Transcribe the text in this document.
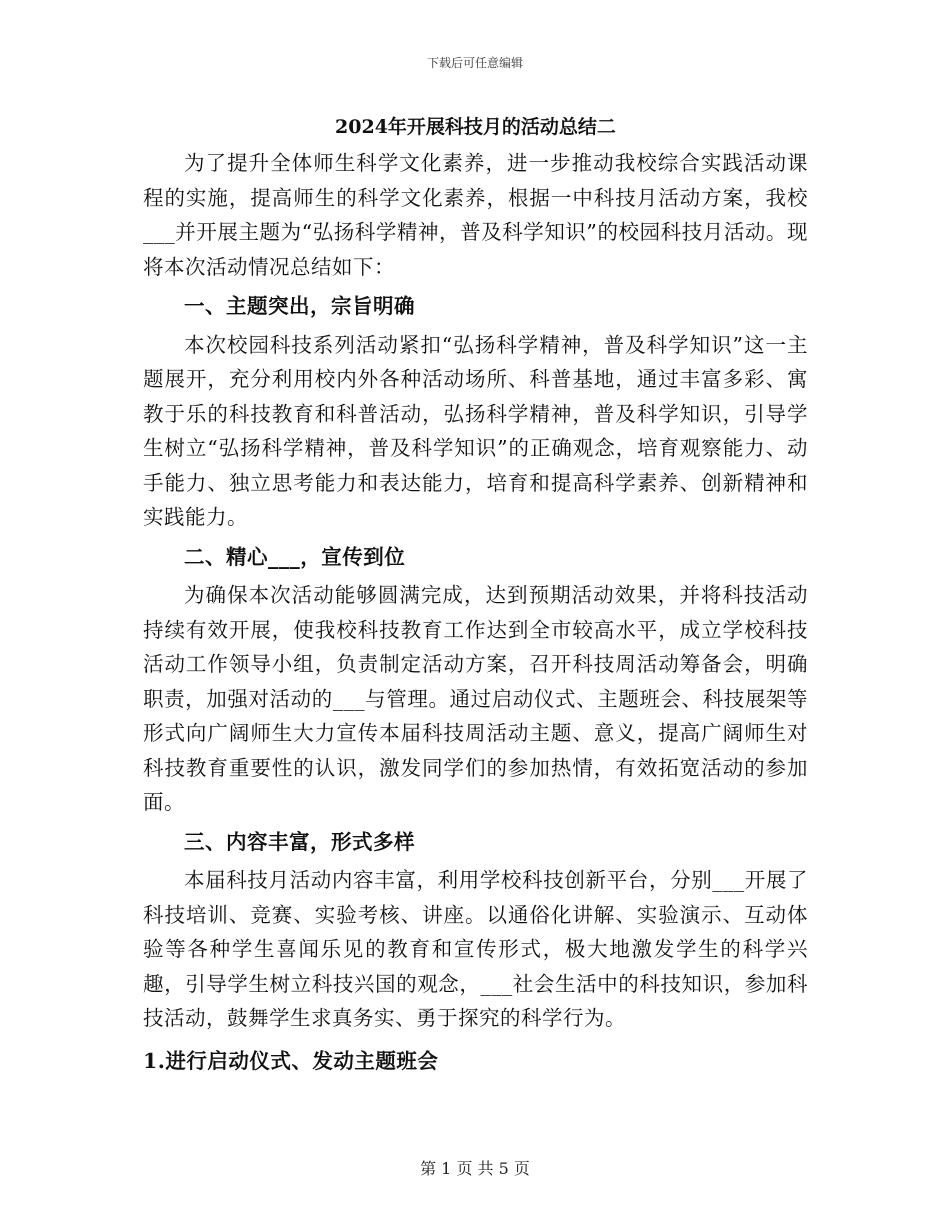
下载后可任意编辑
2024年开展科技月的活动总结二

为了提升全体师生科学文化素养，进一步推动我校综合实践活动课程的实施，提高师生的科学文化素养，根据一中科技月活动方案，我校___并开展主题为“弘扬科学精神，普及科学知识”的校园科技月活动。现将本次活动情况总结如下：

一、主题突出，宗旨明确

本次校园科技系列活动紧扣“弘扬科学精神，普及科学知识”这一主题展开，充分利用校内外各种活动场所、科普基地，通过丰富多彩、寓教于乐的科技教育和科普活动，弘扬科学精神，普及科学知识，引导学生树立“弘扬科学精神，普及科学知识”的正确观念，培育观察能力、动手能力、独立思考能力和表达能力，培育和提高科学素养、创新精神和实践能力。

二、精心___，宣传到位

为确保本次活动能够圆满完成，达到预期活动效果，并将科技活动持续有效开展，使我校科技教育工作达到全市较高水平，成立学校科技活动工作领导小组，负责制定活动方案，召开科技周活动筹备会，明确职责，加强对活动的___与管理。通过启动仪式、主题班会、科技展架等形式向广阔师生大力宣传本届科技周活动主题、意义，提高广阔师生对科技教育重要性的认识，激发同学们的参加热情，有效拓宽活动的参加面。

三、内容丰富，形式多样

本届科技月活动内容丰富，利用学校科技创新平台，分别___开展了科技培训、竞赛、实验考核、讲座。以通俗化讲解、实验演示、互动体验等各种学生喜闻乐见的教育和宣传形式，极大地激发学生的科学兴趣，引导学生树立科技兴国的观念，___社会生活中的科技知识，参加科技活动，鼓舞学生求真务实、勇于探究的科学行为。

1.进行启动仪式、发动主题班会

第 1 页 共 5 页
